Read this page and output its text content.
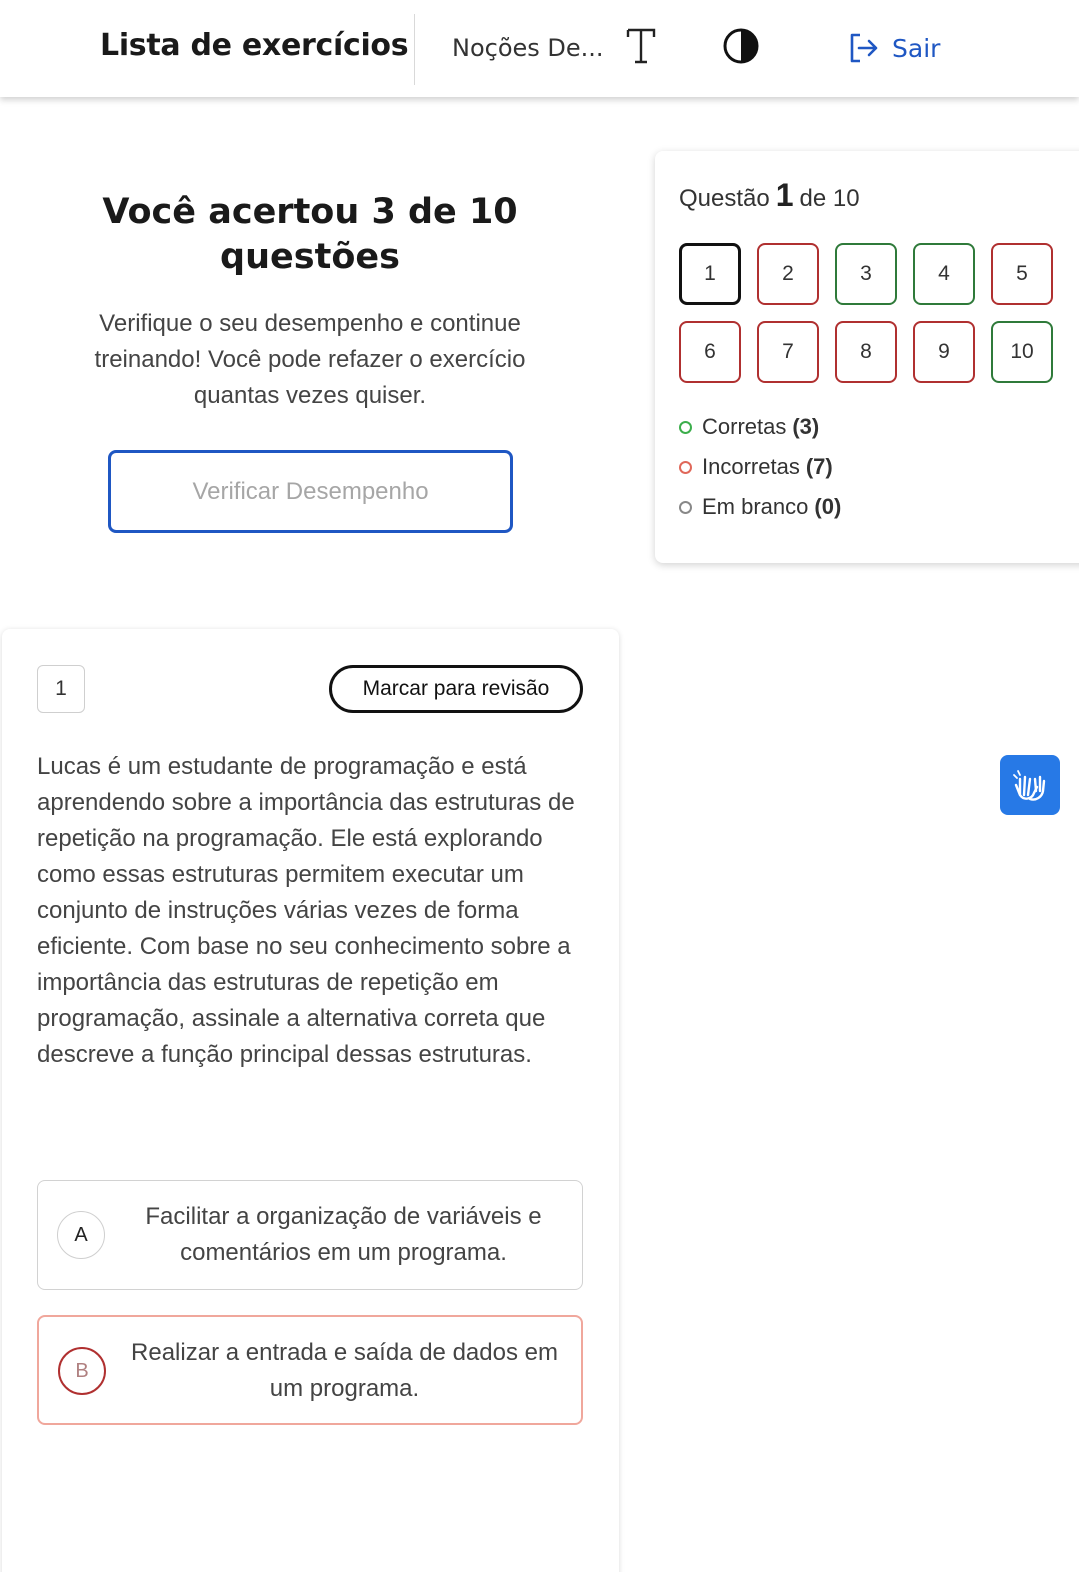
Lista de exercícios Noções De...	Sair
Você acertou 3 de 10 questões
Verifique o seu desempenho e continue treinando! Você pode refazer o exercício quantas vezes quiser.
Verificar Desempenho
Questão 1 de 10
1	2	3	4	5
6	7	8	9	10
Corretas (3)
Incorretas (7)
Em branco (0)
1	Marcar para revisão
Lucas é um estudante de programação e está aprendendo sobre a importância das estruturas de repetição na programação. Ele está explorando como essas estruturas permitem executar um conjunto de instruções várias vezes de forma eficiente. Com base no seu conhecimento sobre a importância das estruturas de repetição em programação, assinale a alternativa correta que descreve a função principal dessas estruturas.
A
Facilitar a organização de variáveis e comentários em um programa.
B
Realizar a entrada e saída de dados em um programa.
